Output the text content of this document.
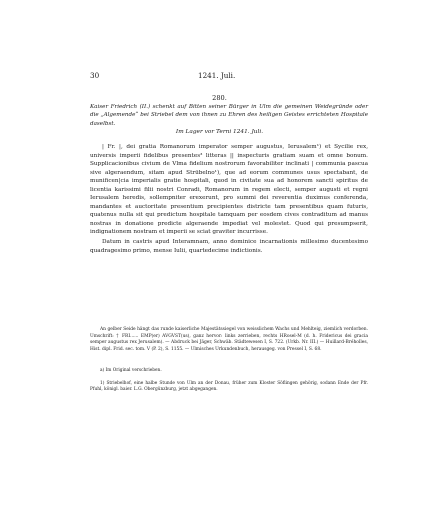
30	1241. Juli.
280.
Kaiser Friedrich (II.) schenkt auf Bitten seiner Bürger in Ulm die gemeinen Weidegründe oder die „Algemende“ bei Striebel dem von ihnen zu Ehren des heiligen Geistes errichteten Hospitale daselbst.
Im Lager vor Terni 1241. Juli.

| Fr. |, dei gratia Romanorum imperator semper augustus, Ierusalem¹) et Sycilie rex, universis imperii fidelibus presentes³ litteras || inspecturis gratiam suam et omne bonum. Supplicacionibus civium de Vlma fidelium nostrorum favorabiliter inclinati | communia pascua sive algeraendum, sitam apud Strübelno¹), que ad eorum communes usus spectabant, de munificen|cia imperialis gratie hospitali, quod in civitate sua ad honorem sancti spiritus de licentia karissimi filii nostri Conradi, Romanorum in regem electi, semper augusti et regni Ierusalem heredis, sollempniter erexerunt, pro summi dei reverentia duximus conferenda, mandantes et auctoritate presentium precipientes districte tam presentibus quam futuris, quatenus nulla sit qui predictum hospitale tamquam per eosdem cives contraditum ad manus nostras in donatione predicte algeraende impediat vel molestet. Quod qui presumpserit, indignationem nostram et imperii se sciat graviter incurrisse.

Datum in castris apud Interamnam, anno dominice incarnationis millesimo ducentesimo quadragesimo primo, mense Iulii, quartedecime indictionis.

An gelber Seide hängt das runde kaiserliche Majestätssiegel von weisslichem Wachs und Mehlteig, ziemlich verdorben. Umschrift: † FRI...... EMP(er) AVGVST(us), ganz hervor: links zerrieben, rechts HRosel-M (d. h. Fridericus dei gracia semper augustus rex Jerusalem). — Abdruck bei Jäger, Schwäb. Städtewesen I, S. 722. (Urkb. Nr. III.) — Huillard-Bréholles, Hist. dipl. Frid. sec. tom. V (P. 2), S. 1155. — Ulmisches Urkundenbuch, herausgeg. von Pressel I, S. 68.

a) Im Original verschrieben.

1) Striebelhof, eine halbe Stunde von Ulm an der Donau, früher zum Kloster Söflingen gehörig, sodann Ende der Pfr. Pfuhl, königl. baier. L.G. Obergünzburg, jetzt abgegangen.
